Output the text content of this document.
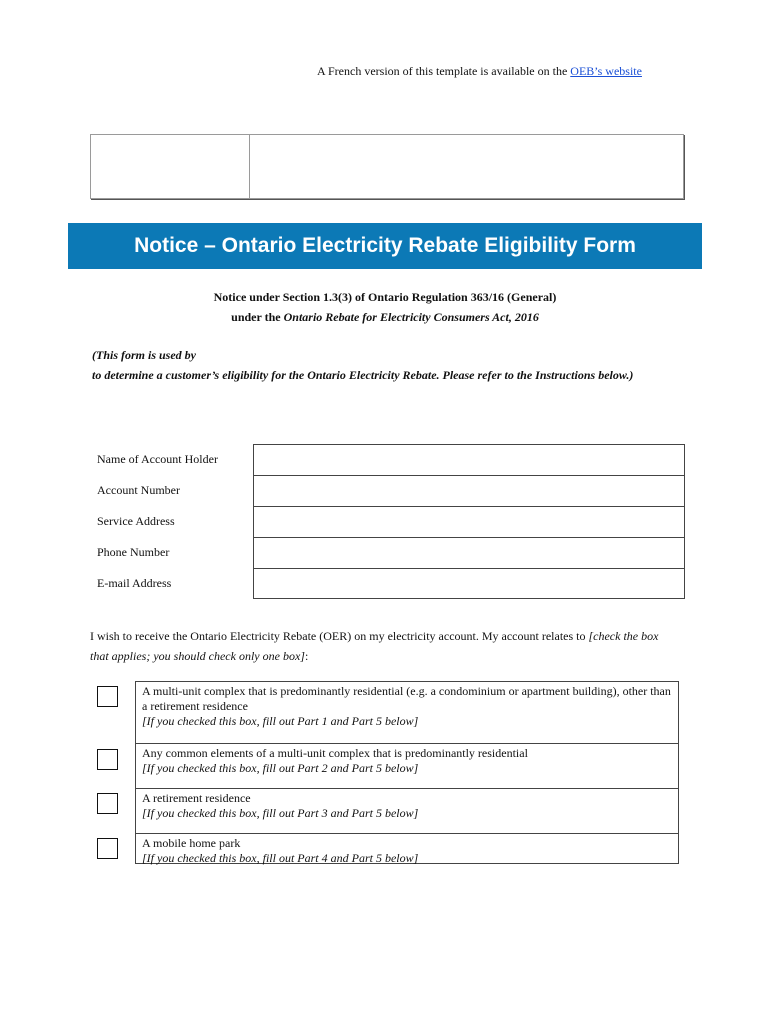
A French version of this template is available on the OEB’s website
Notice – Ontario Electricity Rebate Eligibility Form
Notice under Section 1.3(3) of Ontario Regulation 363/16 (General)
under the Ontario Rebate for Electricity Consumers Act, 2016
(This form is used by
to determine a customer’s eligibility for the Ontario Electricity Rebate. Please refer to the Instructions below.)
Name of Account Holder
Account Number
Service Address
Phone Number
E-mail Address
I wish to receive the Ontario Electricity Rebate (OER) on my electricity account. My account relates to [check the box that applies; you should check only one box]:
A multi-unit complex that is predominantly residential (e.g. a condominium or apartment building), other than a retirement residence
[If you checked this box, fill out Part 1 and Part 5 below]
Any common elements of a multi-unit complex that is predominantly residential
[If you checked this box, fill out Part 2 and Part 5 below]
A retirement residence
[If you checked this box, fill out Part 3 and Part 5 below]
A mobile home park
[If you checked this box, fill out Part 4 and Part 5 below]
